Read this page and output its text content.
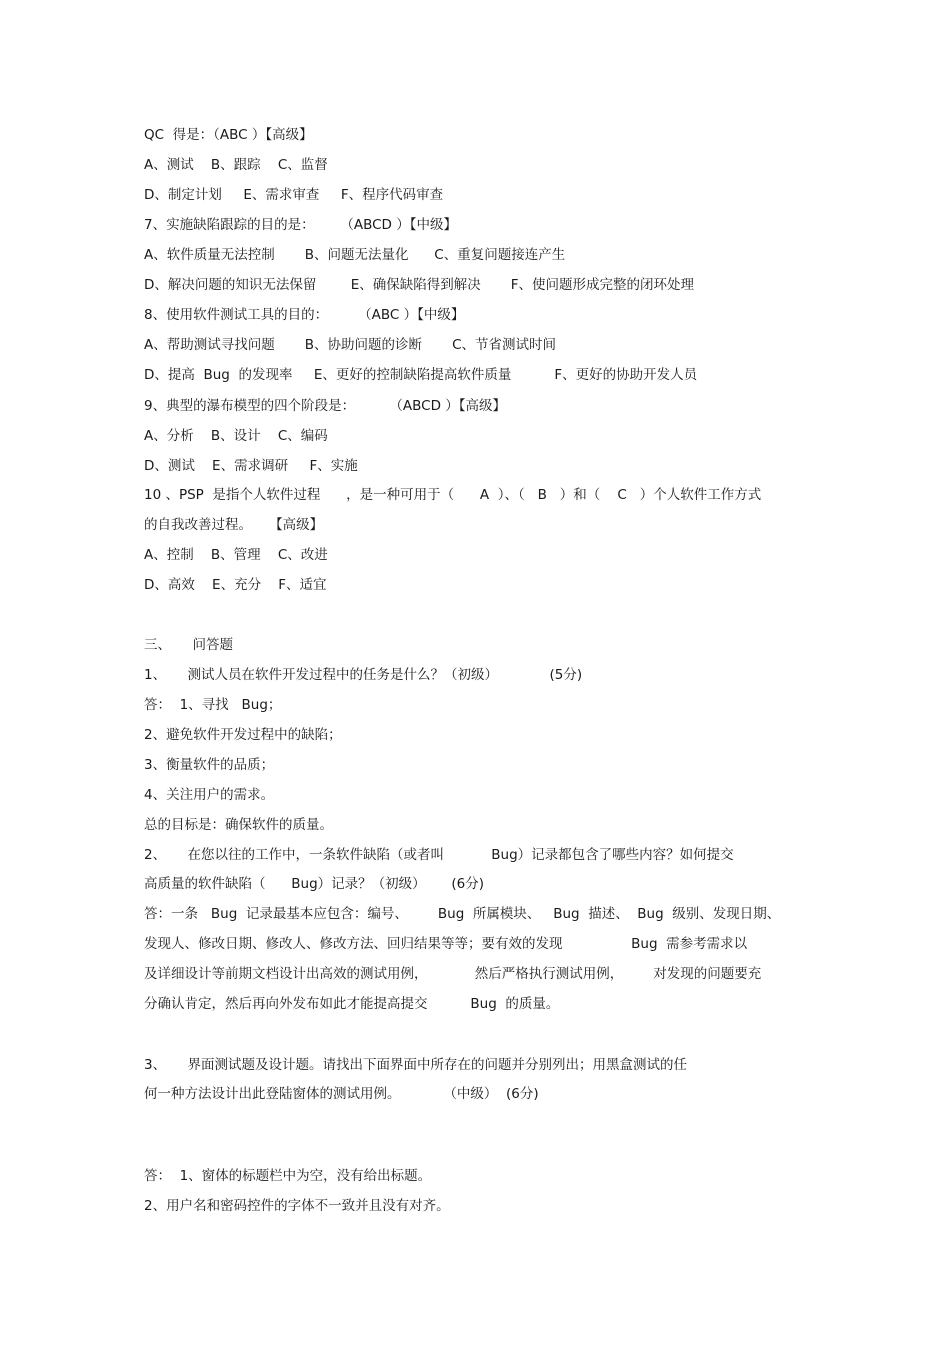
QC  得是：（ABC ）【高级】
A、测试    B、跟踪    C、监督
D、制定计划     E、需求审查     F、程序代码审查
7、实施缺陷跟踪的目的是：      （ABCD ）【中级】
A、软件质量无法控制       B、问题无法量化      C、重复问题接连产生
D、解决问题的知识无法保留        E、确保缺陷得到解决       F、使问题形成完整的闭环处理
8、使用软件测试工具的目的：       （ABC ）【中级】
A、帮助测试寻找问题       B、协助问题的诊断       C、节省测试时间
D、提高  Bug  的发现率     E、更好的控制缺陷提高软件质量          F、更好的协助开发人员
9、典型的瀑布模型的四个阶段是：        （ABCD ）【高级】
A、分析    B、设计    C、编码
D、测试    E、需求调研     F、实施
10 、PSP  是指个人软件过程      ，是一种可用于（      A  ）、（   B   ）和（    C   ）个人软件工作方式
的自我改善过程。    【高级】
A、控制    B、管理    C、改进
D、高效    E、充分    F、适宜
三、     问答题
1、     测试人员在软件开发过程中的任务是什么？（初级）            (5分)
答：  1、寻找   Bug；
2、避免软件开发过程中的缺陷；
3、衡量软件的品质；
4、关注用户的需求。
总的目标是：确保软件的质量。
2、     在您以往的工作中，一条软件缺陷（或者叫           Bug）记录都包含了哪些内容？如何提交
高质量的软件缺陷（      Bug）记录？（初级）      (6分)
答：一条   Bug  记录最基本应包含：编号、       Bug  所属模块、   Bug  描述、  Bug  级别、发现日期、
发现人、修改日期、修改人、修改方法、回归结果等等；要有效的发现                Bug  需参考需求以
及详细设计等前期文档设计出高效的测试用例，           然后严格执行测试用例，       对发现的问题要充
分确认肯定，然后再向外发布如此才能提高提交          Bug  的质量。
3、     界面测试题及设计题。请找出下面界面中所存在的问题并分别列出；用黑盒测试的任
何一种方法设计出此登陆窗体的测试用例。          （中级）  (6分)
答：  1、窗体的标题栏中为空，没有给出标题。
2、用户名和密码控件的字体不一致并且没有对齐。
